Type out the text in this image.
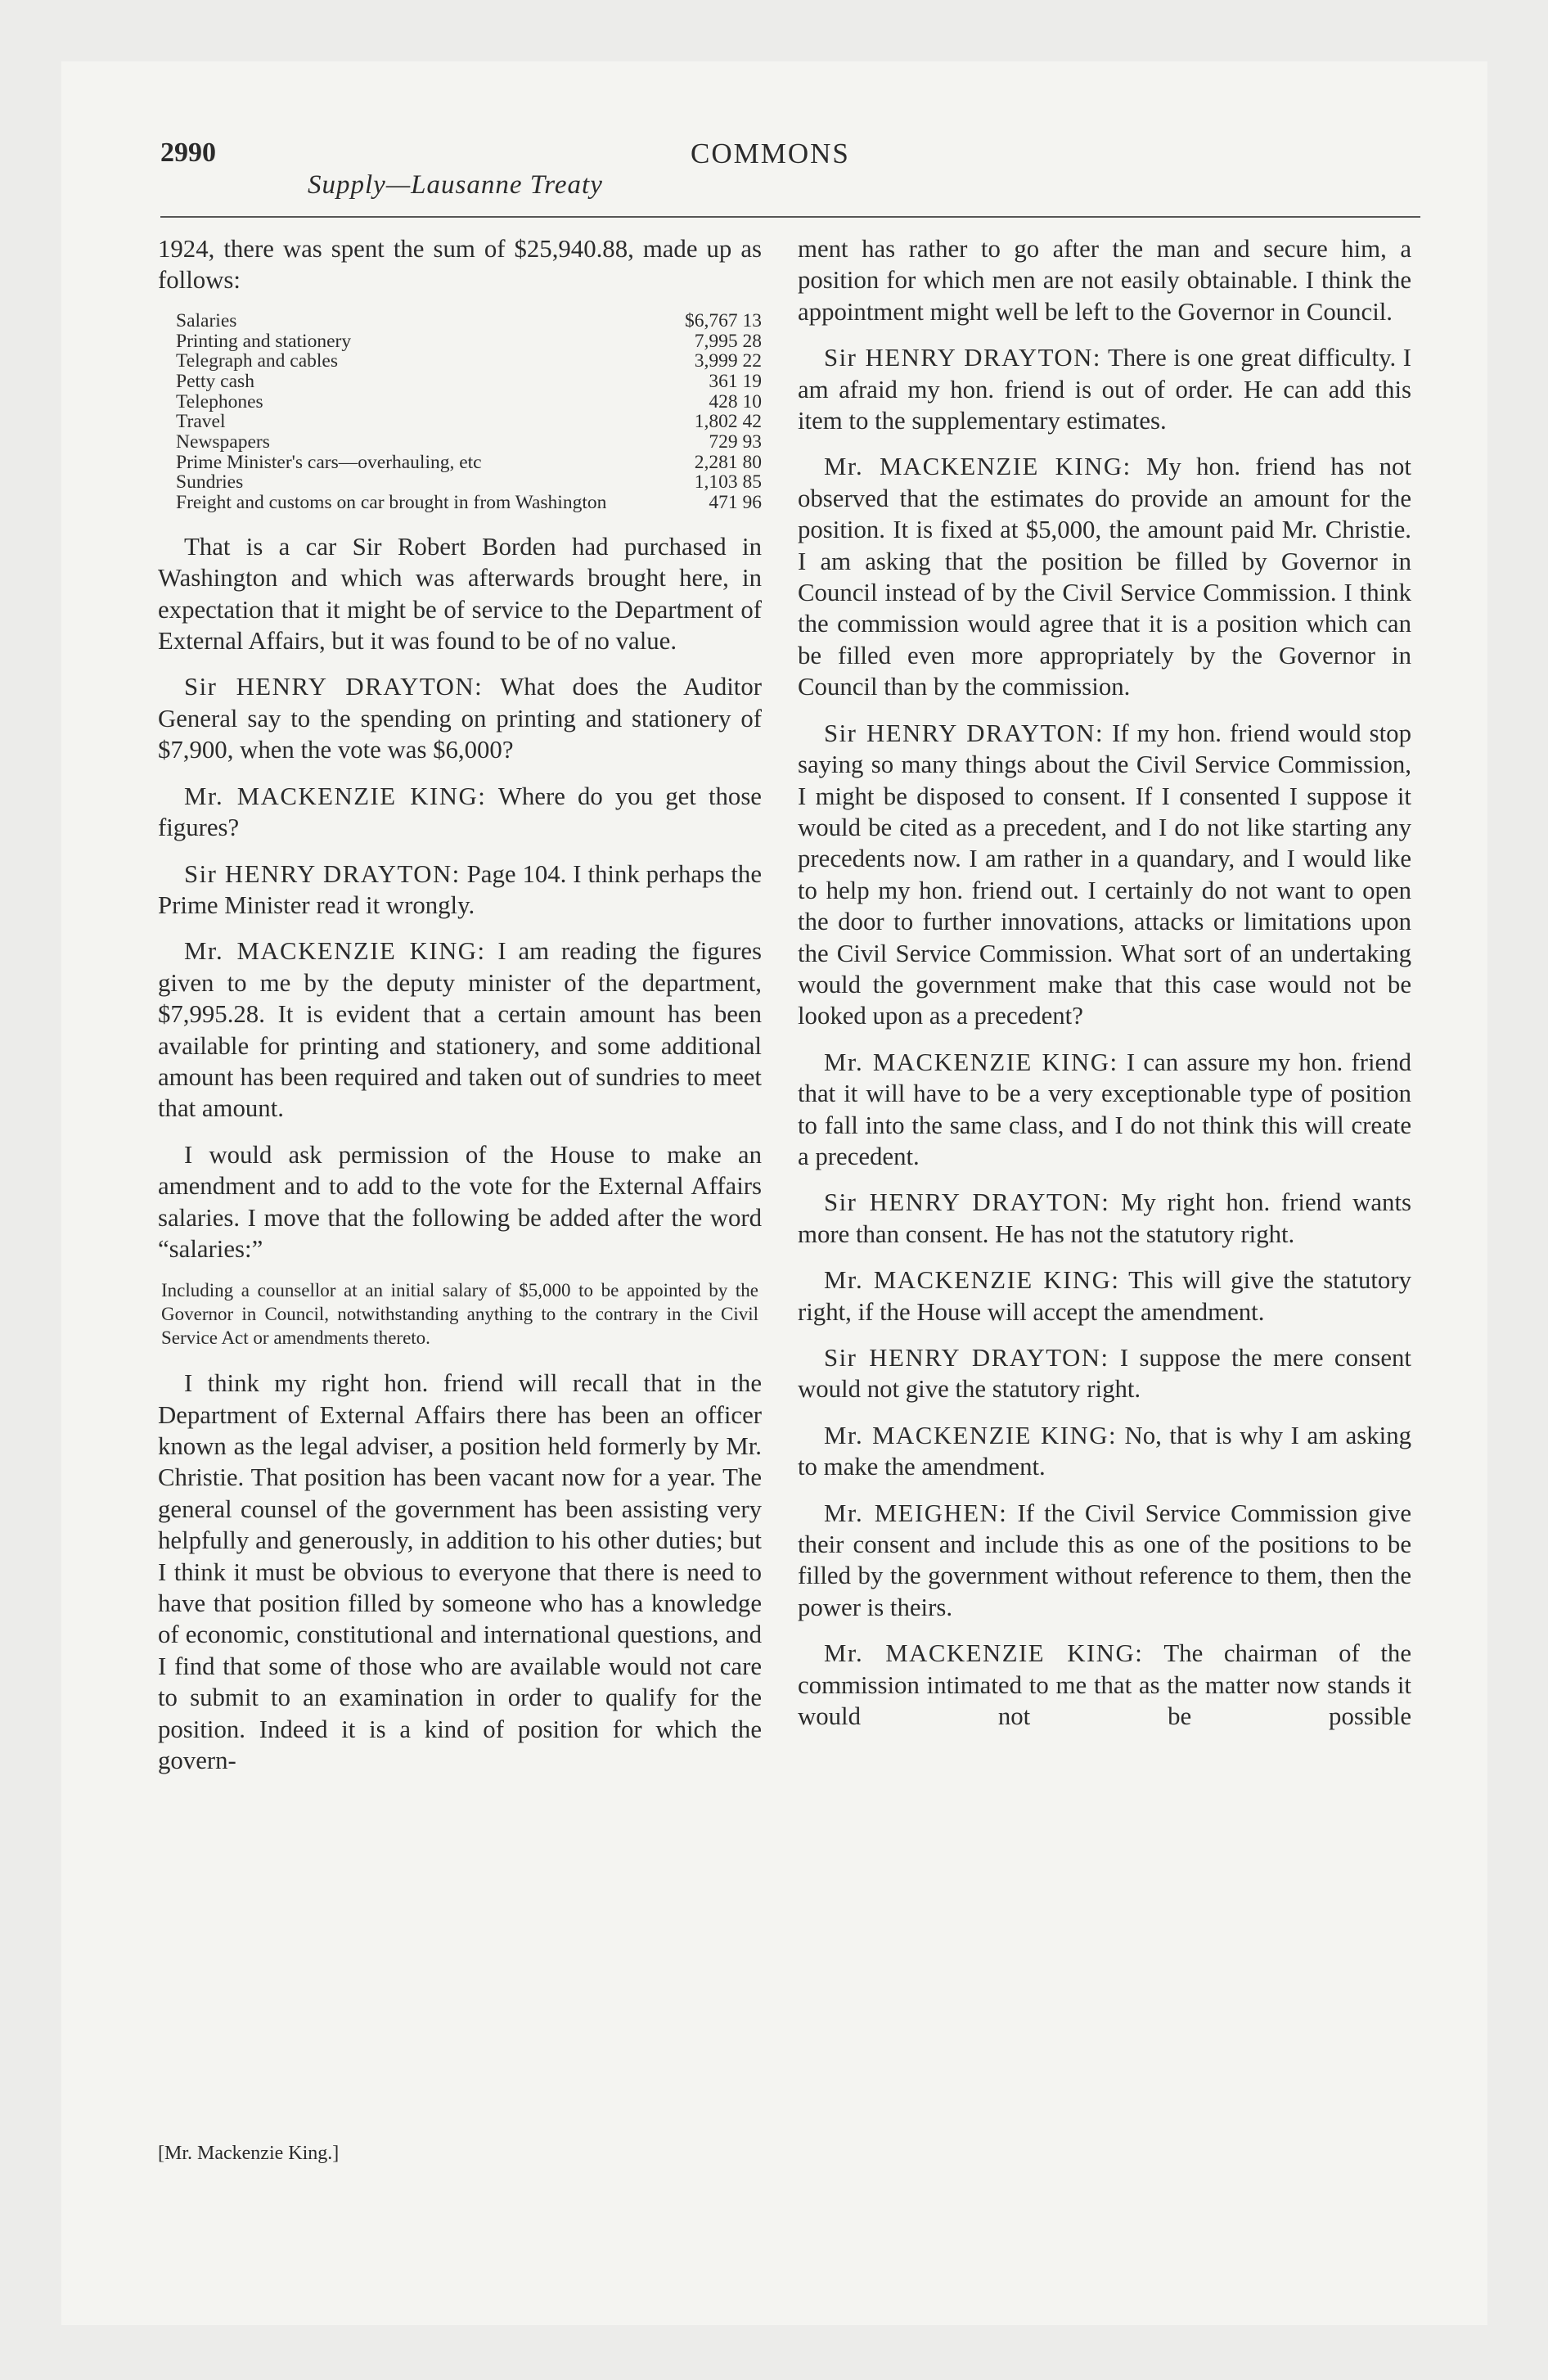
2990
Supply—Lausanne Treaty
COMMONS

1924, there was spent the sum of $25,940.88, made up as follows:

Salaries	$6,767 13
Printing and stationery	7,995 28
Telegraph and cables	3,999 22
Petty cash	361 19
Telephones	428 10
Travel	1,802 42
Newspapers	729 93
Prime Minister's cars—overhauling, etc	2,281 80
Sundries	1,103 85
Freight and customs on car brought in from Washington	471 96

That is a car Sir Robert Borden had purchased in Washington and which was afterwards brought here, in expectation that it might be of service to the Department of External Affairs, but it was found to be of no value.

Sir HENRY DRAYTON: What does the Auditor General say to the spending on printing and stationery of $7,900, when the vote was $6,000?

Mr. MACKENZIE KING: Where do you get those figures?

Sir HENRY DRAYTON: Page 104. I think perhaps the Prime Minister read it wrongly.

Mr. MACKENZIE KING: I am reading the figures given to me by the deputy minister of the department, $7,995.28. It is evident that a certain amount has been available for printing and stationery, and some additional amount has been required and taken out of sundries to meet that amount.

I would ask permission of the House to make an amendment and to add to the vote for the External Affairs salaries. I move that the following be added after the word “salaries:”

Including a counsellor at an initial salary of $5,000 to be appointed by the Governor in Council, notwithstanding anything to the contrary in the Civil Service Act or amendments thereto.

I think my right hon. friend will recall that in the Department of External Affairs there has been an officer known as the legal adviser, a position held formerly by Mr. Christie. That position has been vacant now for a year. The general counsel of the government has been assisting very helpfully and generously, in addition to his other duties; but I think it must be obvious to everyone that there is need to have that position filled by someone who has a knowledge of economic, constitutional and international questions, and I find that some of those who are available would not care to submit to an examination in order to qualify for the position. Indeed it is a kind of position for which the govern-

ment has rather to go after the man and secure him, a position for which men are not easily obtainable. I think the appointment might well be left to the Governor in Council.

Sir HENRY DRAYTON: There is one great difficulty. I am afraid my hon. friend is out of order. He can add this item to the supplementary estimates.

Mr. MACKENZIE KING: My hon. friend has not observed that the estimates do provide an amount for the position. It is fixed at $5,000, the amount paid Mr. Christie. I am asking that the position be filled by Governor in Council instead of by the Civil Service Commission. I think the commission would agree that it is a position which can be filled even more appropriately by the Governor in Council than by the commission.

Sir HENRY DRAYTON: If my hon. friend would stop saying so many things about the Civil Service Commission, I might be disposed to consent. If I consented I suppose it would be cited as a precedent, and I do not like starting any precedents now. I am rather in a quandary, and I would like to help my hon. friend out. I certainly do not want to open the door to further innovations, attacks or limitations upon the Civil Service Commission. What sort of an undertaking would the government make that this case would not be looked upon as a precedent?

Mr. MACKENZIE KING: I can assure my hon. friend that it will have to be a very exceptionable type of position to fall into the same class, and I do not think this will create a precedent.

Sir HENRY DRAYTON: My right hon. friend wants more than consent. He has not the statutory right.

Mr. MACKENZIE KING: This will give the statutory right, if the House will accept the amendment.

Sir HENRY DRAYTON: I suppose the mere consent would not give the statutory right.

Mr. MACKENZIE KING: No, that is why I am asking to make the amendment.

Mr. MEIGHEN: If the Civil Service Commission give their consent and include this as one of the positions to be filled by the government without reference to them, then the power is theirs.

Mr. MACKENZIE KING: The chairman of the commission intimated to me that as the matter now stands it would not be possible

[Mr. Mackenzie King.]
